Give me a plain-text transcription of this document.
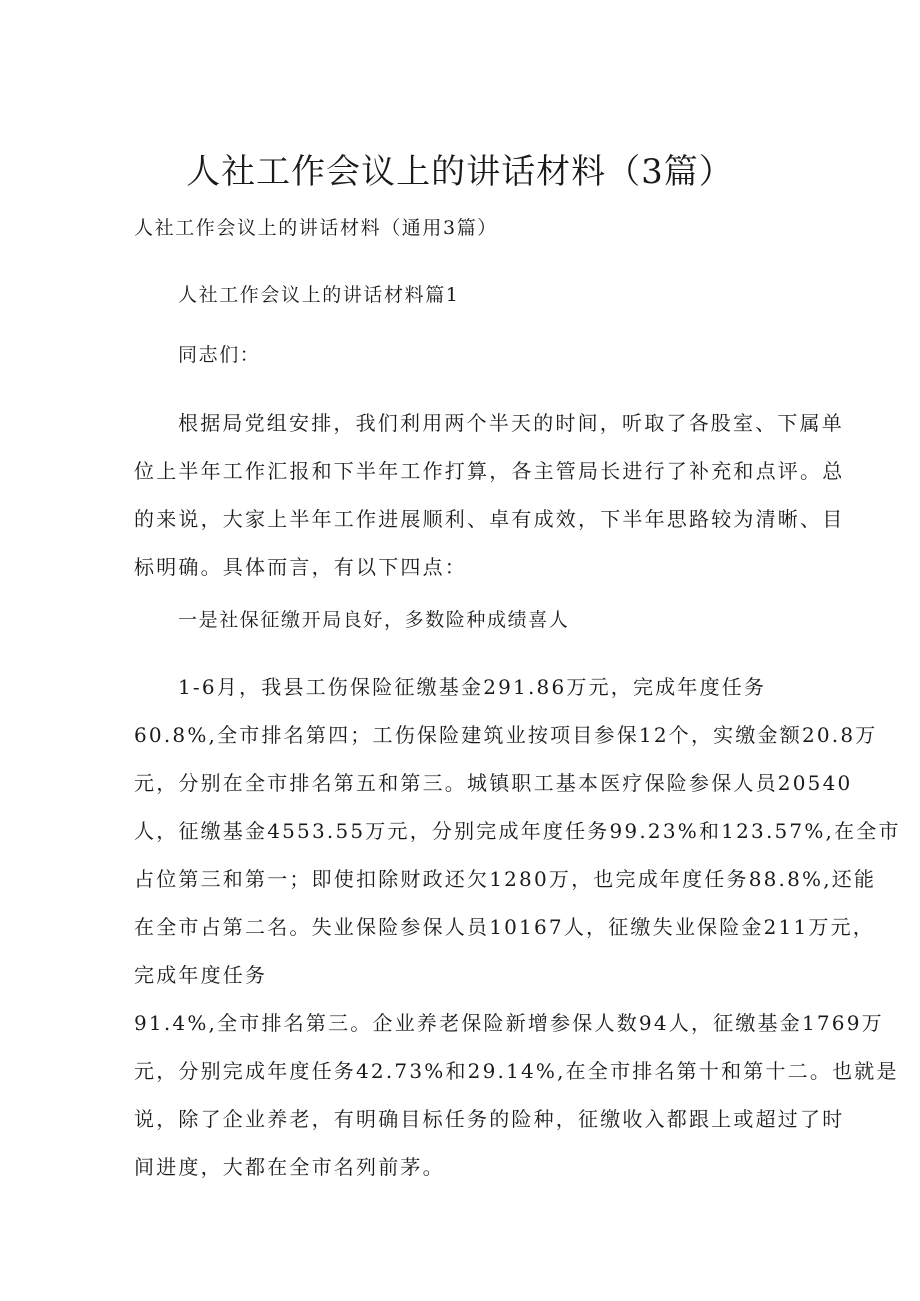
人社工作会议上的讲话材料（3篇）
人社工作会议上的讲话材料（通用3篇）
人社工作会议上的讲话材料篇1
同志们：
根据局党组安排，我们利用两个半天的时间，听取了各股室、下属单
位上半年工作汇报和下半年工作打算，各主管局长进行了补充和点评。总
的来说，大家上半年工作进展顺利、卓有成效，下半年思路较为清晰、目
标明确。具体而言，有以下四点：
一是社保征缴开局良好，多数险种成绩喜人
1-6月，我县工伤保险征缴基金291.86万元，完成年度任务
60.8%,全市排名第四；工伤保险建筑业按项目参保12个，实缴金额20.8万
元，分别在全市排名第五和第三。城镇职工基本医疗保险参保人员20540
人，征缴基金4553.55万元，分别完成年度任务99.23%和123.57%,在全市
占位第三和第一；即使扣除财政还欠1280万，也完成年度任务88.8%,还能
在全市占第二名。失业保险参保人员10167人，征缴失业保险金211万元，
完成年度任务
91.4%,全市排名第三。企业养老保险新增参保人数94人，征缴基金1769万
元，分别完成年度任务42.73%和29.14%,在全市排名第十和第十二。也就是
说，除了企业养老，有明确目标任务的险种，征缴收入都跟上或超过了时
间进度，大都在全市名列前茅。
